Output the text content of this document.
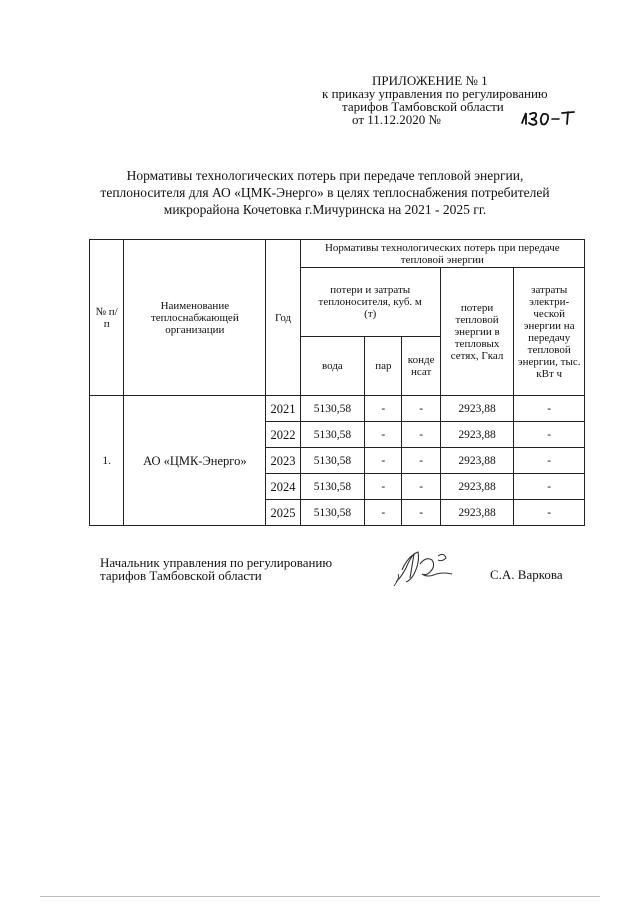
ПРИЛОЖЕНИЕ № 1
к приказу управления по регулированию
тарифов Тамбовской области
от 11.12.2020 №
Нормативы технологических потерь при передаче тепловой энергии,
теплоносителя для АО «ЦМК-Энерго» в целях теплоснабжения потребителей
микрорайона Кочетовка г.Мичуринска на 2021 - 2025 гг.
№ п/п	Наименование теплоснабжающей организации	Год	Нормативы технологических потерь при передаче тепловой энергии				
			потери и затраты теплоносителя, куб. м (т)			потери тепловой энергии в тепловых сетях, Гкал	затраты электри-ческой энергии на передачу тепловой энергии, тыс. кВт ч
			вода	пар	конде нсат		
1.	АО «ЦМК-Энерго»	2021	5130,58	-	-	2923,88	-
		2022	5130,58	-	-	2923,88	-
		2023	5130,58	-	-	2923,88	-
		2024	5130,58	-	-	2923,88	-
		2025	5130,58	-	-	2923,88	-
Начальник управления по регулированию
тарифов Тамбовской области	С.А. Варкова
